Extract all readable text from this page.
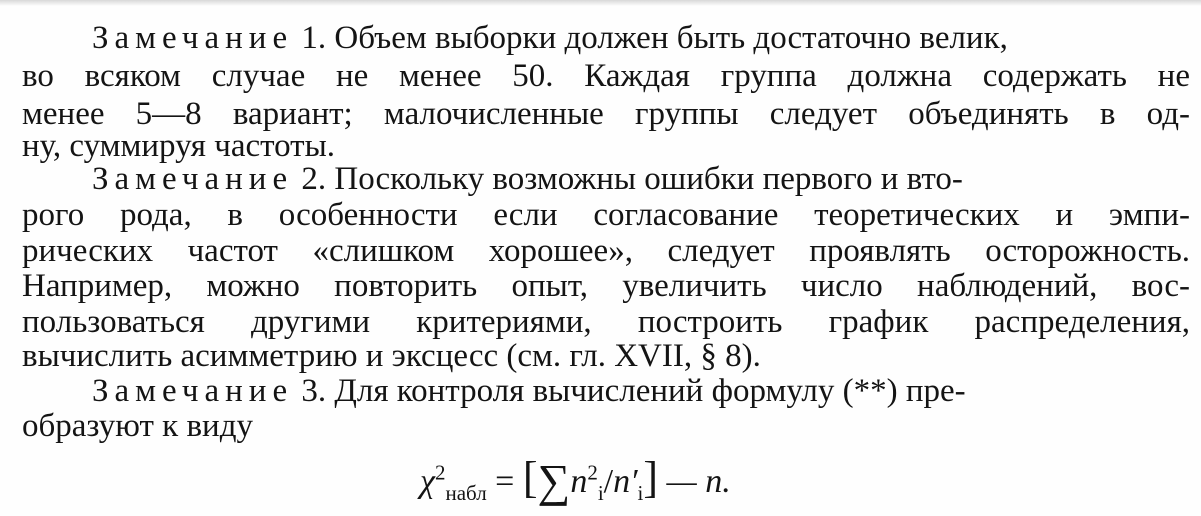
Замечание 1. Объем выборки должен быть достаточно велик,
во всяком случае не менее 50. Каждая группа должна содержать не
менее 5—8 вариант; малочисленные группы следует объединять в од-
ну, суммируя частоты.
Замечание 2. Поскольку возможны ошибки первого и вто-
рого рода, в особенности если согласование теоретических и эмпи-
рических частот «слишком хорошее», следует проявлять осторожность.
Например, можно повторить опыт, увеличить число наблюдений, вос-
пользоваться другими критериями, построить график распределения,
вычислить асимметрию и эксцесс (см. гл. XVII, § 8).
Замечание 3. Для контроля вычислений формулу (**) пре-
образуют к виду
$\chi^2_{набл} = [\sum n^2_i/n'_i]$ — n.
